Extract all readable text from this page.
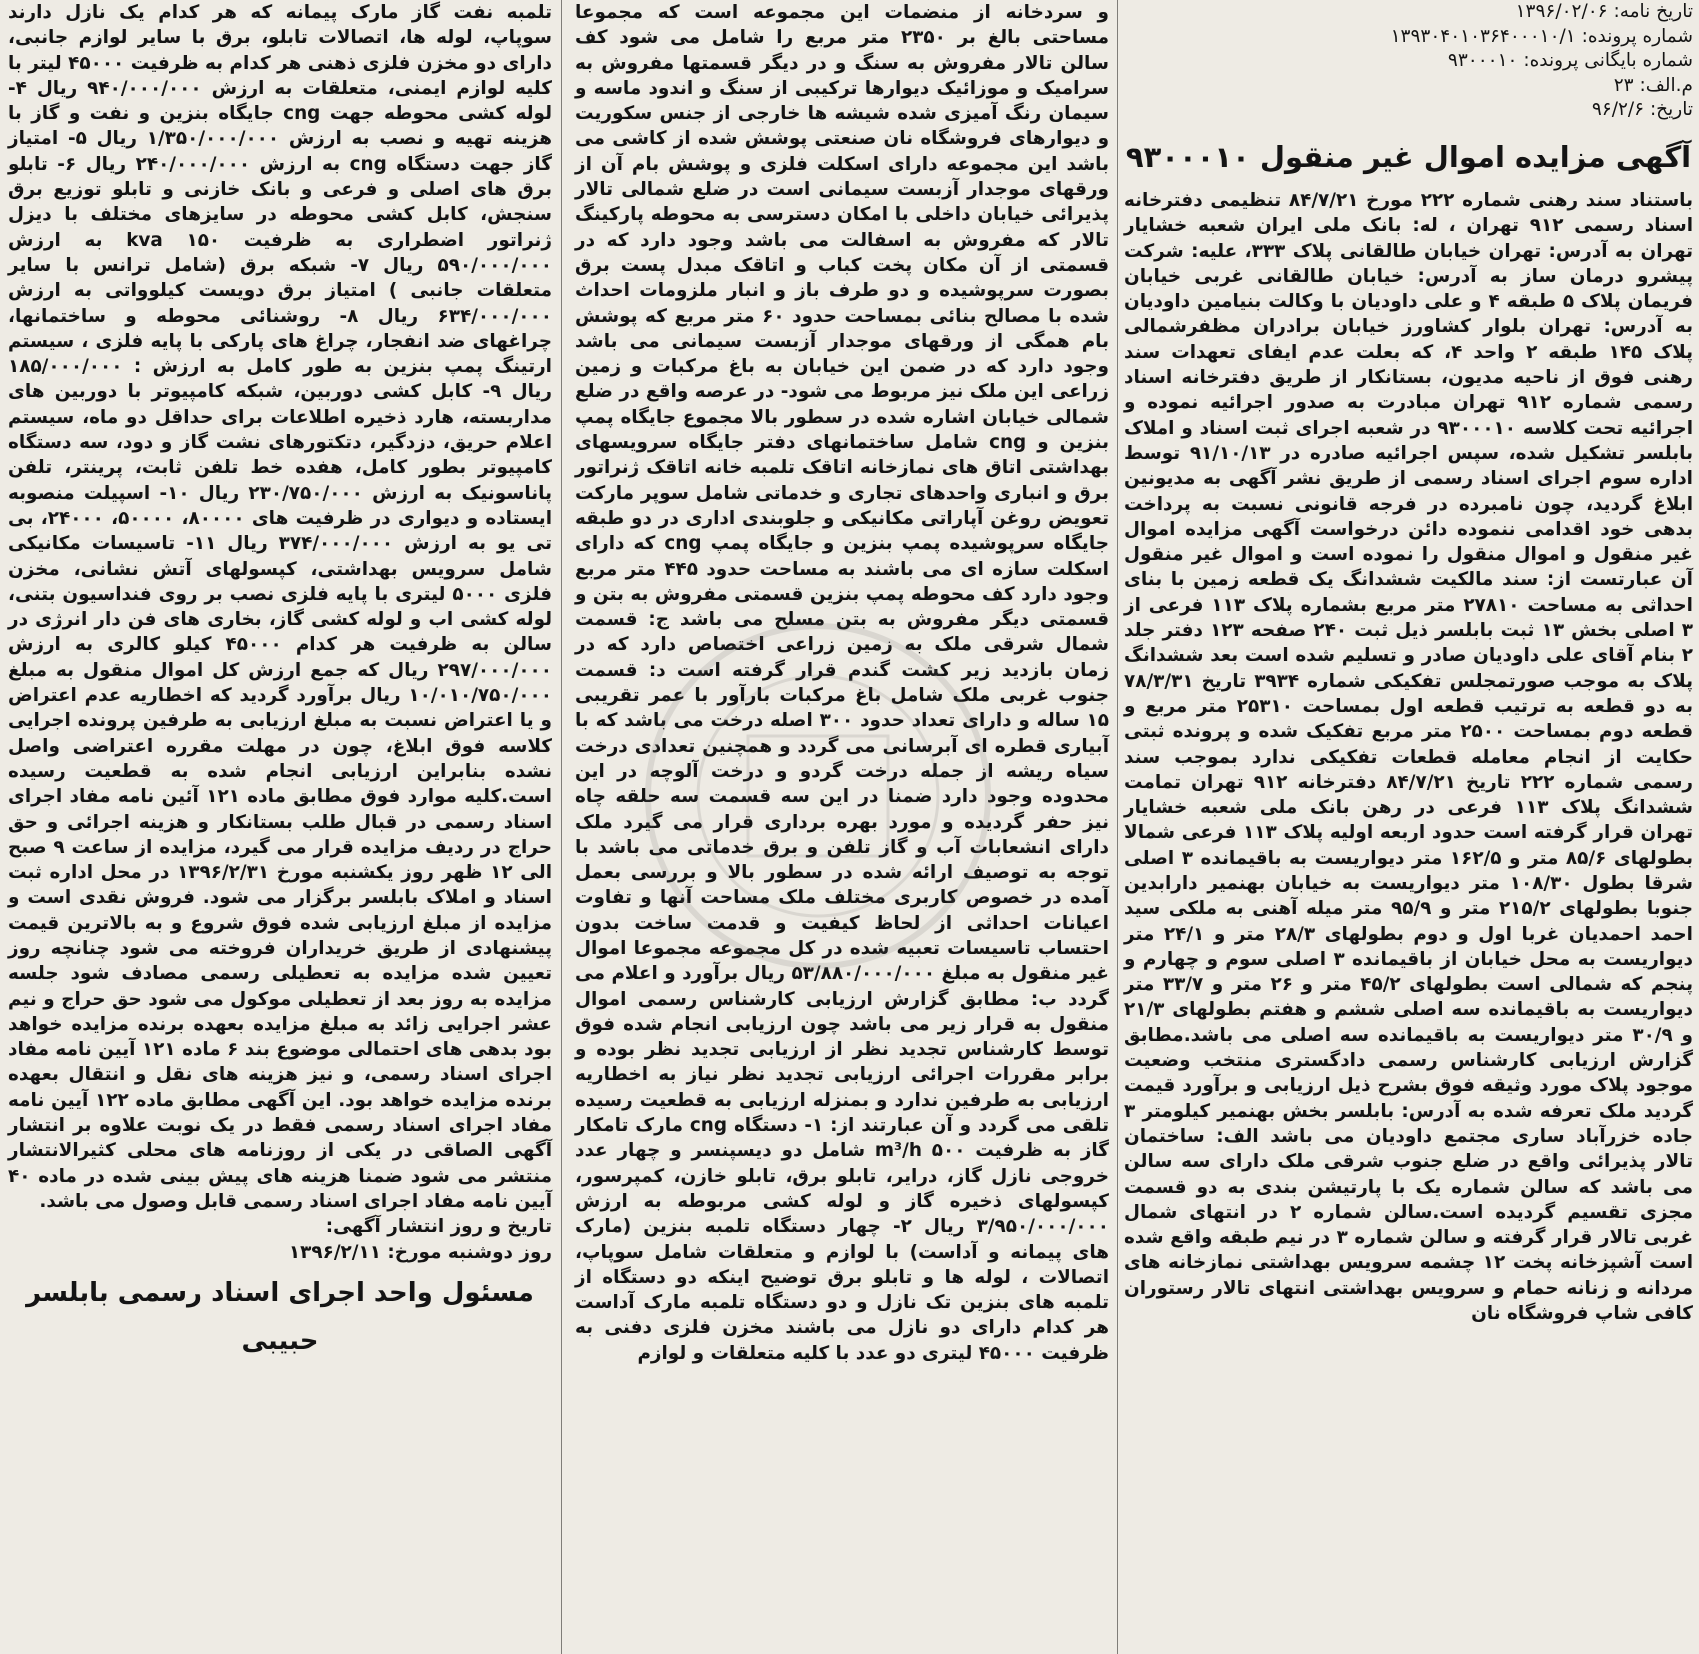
تاریخ نامه: ۱۳۹۶/۰۲/۰۶
شماره پرونده: ۱۳۹۳۰۴۰۱۰۳۶۴۰۰۰۱۰/۱
شماره بایگانی پرونده: ۹۳۰۰۰۱۰
م.الف: ۲۳
تاریخ: ۹۶/۲/۶
آگهی مزایده اموال غیر منقول ۹۳۰۰۰۱۰
باستناد سند رهنی شماره ۲۲۲ مورخ ۸۴/۷/۲۱ تنظیمی دفترخانه اسناد رسمی ۹۱۲ تهران ، له: بانک ملی ایران شعبه خشایار تهران به آدرس: تهران خیابان طالقانی پلاک ۳۳۳، علیه: شرکت پیشرو درمان ساز به آدرس: خیابان طالقانی غربی خیابان فریمان پلاک ۵ طبقه ۴ و علی داودیان با وکالت بنیامین داودیان به آدرس: تهران بلوار کشاورز خیابان برادران مظفرشمالی پلاک ۱۴۵ طبقه ۲ واحد ۴، که بعلت عدم ایفای تعهدات سند رهنی فوق از ناحیه مدیون، بستانکار از طریق دفترخانه اسناد رسمی شماره ۹۱۲ تهران مبادرت به صدور اجرائیه نموده و اجرائیه تحت کلاسه ۹۳۰۰۰۱۰ در شعبه اجرای ثبت اسناد و املاک بابلسر تشکیل شده، سپس اجرائیه صادره در ۹۱/۱۰/۱۳ توسط اداره سوم اجرای اسناد رسمی از طریق نشر آگهی به مدیونین ابلاغ گردید، چون نامبرده در فرجه قانونی نسبت به پرداخت بدهی خود اقدامی ننموده دائن درخواست آگهی مزایده اموال غیر منقول و اموال منقول را نموده است و اموال غیر منقول آن عبارتست از: سند مالکیت ششدانگ یک قطعه زمین با بنای احداثی به مساحت ۲۷۸۱۰ متر مربع بشماره پلاک ۱۱۳ فرعی از ۳ اصلی بخش ۱۳ ثبت بابلسر ذیل ثبت ۲۴۰ صفحه ۱۲۳ دفتر جلد ۲ بنام آقای علی داودیان صادر و تسلیم شده است بعد ششدانگ پلاک به موجب صورتمجلس تفکیکی شماره ۳۹۳۴ تاریخ ۷۸/۳/۳۱ به دو قطعه به ترتیب قطعه اول بمساحت ۲۵۳۱۰ متر مربع و قطعه دوم بمساحت ۲۵۰۰ متر مربع تفکیک شده و پرونده ثبتی حکایت از انجام معامله قطعات تفکیکی ندارد بموجب سند رسمی شماره ۲۲۲ تاریخ ۸۴/۷/۲۱ دفترخانه ۹۱۲ تهران تمامت ششدانگ پلاک ۱۱۳ فرعی در رهن بانک ملی شعبه خشایار تهران قرار گرفته است حدود اربعه اولیه پلاک ۱۱۳ فرعی شمالا بطولهای ۸۵/۶ متر و ۱۶۲/۵ متر دیواریست به باقیمانده ۳ اصلی شرقا بطول ۱۰۸/۳۰ متر دیواریست به خیابان بهنمیر دارابدین جنوبا بطولهای ۲۱۵/۲ متر و ۹۵/۹ متر میله آهنی به ملکی سید احمد احمدیان غربا اول و دوم بطولهای ۲۸/۳ متر و ۲۴/۱ متر دیواریست به محل خیابان از باقیمانده ۳ اصلی سوم و چهارم و پنجم که شمالی است بطولهای ۴۵/۲ متر و ۲۶ متر و ۳۳/۷ متر دیواریست به باقیمانده سه اصلی ششم و هفتم بطولهای ۲۱/۳ و ۳۰/۹ متر دیواریست به باقیمانده سه اصلی می باشد.مطابق گزارش ارزیابی کارشناس رسمی دادگستری منتخب وضعیت موجود پلاک مورد وثیقه فوق بشرح ذیل ارزیابی و برآورد قیمت گردید ملک تعرفه شده به آدرس: بابلسر بخش بهنمیر کیلومتر ۳ جاده خزرآباد ساری مجتمع داودیان می باشد الف: ساختمان تالار پذیرائی واقع در ضلع جنوب شرقی ملک دارای سه سالن می باشد که سالن شماره یک با پارتیشن بندی به دو قسمت مجزی تقسیم گردیده است.سالن شماره ۲ در انتهای شمال غربی تالار قرار گرفته و سالن شماره ۳ در نیم طبقه واقع شده است آشپزخانه پخت ۱۲ چشمه سرویس بهداشتی نمازخانه های مردانه و زنانه حمام و سرویس بهداشتی انتهای تالار رستوران کافی شاپ فروشگاه نان
و سردخانه از منضمات این مجموعه است که مجموعا مساحتی بالغ بر ۲۳۵۰ متر مربع را شامل می شود کف سالن تالار مفروش به سنگ و در دیگر قسمتها مفروش به سرامیک و موزائیک دیوارها ترکیبی از سنگ و اندود ماسه و سیمان رنگ آمیزی شده شیشه ها خارجی از جنس سکوریت و دیوارهای فروشگاه نان صنعتی پوشش شده از کاشی می باشد این مجموعه دارای اسکلت فلزی و پوشش بام آن از ورقهای موجدار آزبست سیمانی است در ضلع شمالی تالار پذیرائی خیابان داخلی با امکان دسترسی به محوطه پارکینگ تالار که مفروش به اسفالت می باشد وجود دارد که در قسمتی از آن مکان پخت کباب و اتاقک مبدل پست برق بصورت سرپوشیده و دو طرف باز و انبار ملزومات احداث شده با مصالح بنائی بمساحت حدود ۶۰ متر مربع که پوشش بام همگی از ورقهای موجدار آزبست سیمانی می باشد وجود دارد که در ضمن این خیابان به باغ مرکبات و زمین زراعی این ملک نیز مربوط می شود- در عرصه واقع در ضلع شمالی خیابان اشاره شده در سطور بالا مجموع جایگاه پمپ بنزین و cng شامل ساختمانهای دفتر جایگاه سرویسهای بهداشتی اتاق های نمازخانه اتاقک تلمبه خانه اتاقک ژنراتور برق و انباری واحدهای تجاری و خدماتی شامل سوپر مارکت تعویض روغن آپاراتی مکانیکی و جلوبندی اداری در دو طبقه جایگاه سرپوشیده پمپ بنزین و جایگاه پمپ cng که دارای اسکلت سازه ای می باشند به مساحت حدود ۴۴۵ متر مربع وجود دارد کف محوطه پمپ بنزین قسمتی مفروش به بتن و قسمتی دیگر مفروش به بتن مسلح می باشد ج: قسمت شمال شرقی ملک به زمین زراعی اختصاص دارد که در زمان بازدید زیر کشت گندم قرار گرفته است د: قسمت جنوب غربی ملک شامل باغ مرکبات بارآور با عمر تقریبی ۱۵ ساله و دارای تعداد حدود ۳۰۰ اصله درخت می باشد که با آبیاری قطره ای آبرسانی می گردد و همچنین تعدادی درخت سیاه ریشه از جمله درخت گردو و درخت آلوچه در این محدوده وجود دارد ضمنا در این سه قسمت سه حلقه چاه نیز حفر گردیده و مورد بهره برداری قرار می گیرد ملک دارای انشعابات آب و گاز تلفن و برق خدماتی می باشد با توجه به توصیف ارائه شده در سطور بالا و بررسی بعمل آمده در خصوص کاربری مختلف ملک مساحت آنها و تفاوت اعیانات احداثی از لحاظ کیفیت و قدمت ساخت بدون احتساب تاسیسات تعبیه شده در کل مجموعه مجموعا اموال غیر منقول به مبلغ ۵۳/۸۸۰/۰۰۰/۰۰۰ ریال برآورد و اعلام می گردد ب: مطابق گزارش ارزیابی کارشناس رسمی اموال منقول به قرار زیر می باشد چون ارزیابی انجام شده فوق توسط کارشناس تجدید نظر از ارزیابی تجدید نظر بوده و برابر مقررات اجرائی ارزیابی تجدید نظر نیاز به اخطاریه ارزیابی به طرفین ندارد و بمنزله ارزیابی به قطعیت رسیده تلقی می گردد و آن عبارتند از: ۱- دستگاه cng مارک تامکار گاز به ظرفیت ۵۰۰ m³/h شامل دو دیسپنسر و چهار عدد خروجی نازل گاز، درایر، تابلو برق، تابلو خازن، کمپرسور، کپسولهای ذخیره گاز و لوله کشی مربوطه به ارزش ۳/۹۵۰/۰۰۰/۰۰۰ ریال ۲- چهار دستگاه تلمبه بنزین (مارک های پیمانه و آداست) با لوازم و متعلقات شامل سوپاپ، اتصالات ، لوله ها و تابلو برق توضیح اینکه دو دستگاه از تلمبه های بنزین تک نازل و دو دستگاه تلمبه مارک آداست هر کدام دارای دو نازل می باشند مخزن فلزی دفنی به ظرفیت ۴۵۰۰۰ لیتری دو عدد با کلیه متعلقات و لوازم
تلمبه نفت گاز مارک پیمانه که هر کدام یک نازل دارند سوپاپ، لوله ها، اتصالات تابلو، برق با سایر لوازم جانبی، دارای دو مخزن فلزی ذهنی هر کدام به ظرفیت ۴۵۰۰۰ لیتر با کلیه لوازم ایمنی، متعلقات به ارزش ۹۴۰/۰۰۰/۰۰۰ ریال ۴- لوله کشی محوطه جهت cng جایگاه بنزین و نفت و گاز با هزینه تهیه و نصب به ارزش ۱/۳۵۰/۰۰۰/۰۰۰ ریال ۵- امتیاز گاز جهت دستگاه cng به ارزش ۲۴۰/۰۰۰/۰۰۰ ریال ۶- تابلو برق های اصلی و فرعی و بانک خازنی و تابلو توزیع برق سنجش، کابل کشی محوطه در سایزهای مختلف با دیزل ژنراتور اضطراری به ظرفیت ۱۵۰ kva به ارزش ۵۹۰/۰۰۰/۰۰۰ ریال ۷- شبکه برق (شامل ترانس با سایر متعلقات جانبی ) امتیاز برق دویست کیلوواتی به ارزش ۶۳۴/۰۰۰/۰۰۰ ریال ۸- روشنائی محوطه و ساختمانها، چراغهای ضد انفجار، چراغ های پارکی با پایه فلزی ، سیستم ارتینگ پمپ بنزین به طور کامل به ارزش : ۱۸۵/۰۰۰/۰۰۰ ریال ۹- کابل کشی دوربین، شبکه کامپیوتر با دوربین های مداربسته، هارد ذخیره اطلاعات برای حداقل دو ماه، سیستم اعلام حریق، دزدگیر، دتکتورهای نشت گاز و دود، سه دستگاه کامپیوتر بطور کامل، هفده خط تلفن ثابت، پرینتر، تلفن پاناسونیک به ارزش ۲۳۰/۷۵۰/۰۰۰ ریال ۱۰- اسپیلت منصوبه ایستاده و دیواری در ظرفیت های ۸۰۰۰۰، ۵۰۰۰۰، ۲۴۰۰۰، بی تی یو به ارزش ۳۷۴/۰۰۰/۰۰۰ ریال ۱۱- تاسیسات مکانیکی شامل سرویس بهداشتی، کپسولهای آتش نشانی، مخزن فلزی ۵۰۰۰ لیتری با پایه فلزی نصب بر روی فنداسیون بتنی، لوله کشی اب و لوله کشی گاز، بخاری های فن دار انرژی در سالن به ظرفیت هر کدام ۴۵۰۰۰ کیلو کالری به ارزش ۲۹۷/۰۰۰/۰۰۰ ریال که جمع ارزش کل اموال منقول به مبلغ ۱۰/۰۱۰/۷۵۰/۰۰۰ ریال برآورد گردید که اخطاریه عدم اعتراض و یا اعتراض نسبت به مبلغ ارزیابی به طرفین پرونده اجرایی کلاسه فوق ابلاغ، چون در مهلت مقرره اعتراضی واصل نشده بنابراین ارزیابی انجام شده به قطعیت رسیده است.کلیه موارد فوق مطابق ماده ۱۲۱ آئین نامه مفاد اجرای اسناد رسمی در قبال طلب بستانکار و هزینه اجرائی و حق حراج در ردیف مزایده قرار می گیرد، مزایده از ساعت ۹ صبح الی ۱۲ ظهر روز یکشنبه مورخ ۱۳۹۶/۲/۳۱ در محل اداره ثبت اسناد و املاک بابلسر برگزار می شود. فروش نقدی است و مزایده از مبلغ ارزیابی شده فوق شروع و به بالاترین قیمت پیشنهادی از طریق خریداران فروخته می شود چنانچه روز تعیین شده مزایده به تعطیلی رسمی مصادف شود جلسه مزایده به روز بعد از تعطیلی موکول می شود حق حراج و نیم عشر اجرایی زائد به مبلغ مزایده بعهده برنده مزایده خواهد بود بدهی های احتمالی موضوع بند ۶ ماده ۱۲۱ آیین نامه مفاد اجرای اسناد رسمی، و نیز هزینه های نقل و انتقال بعهده برنده مزایده خواهد بود. این آگهی مطابق ماده ۱۲۲ آیین نامه مفاد اجرای اسناد رسمی فقط در یک نوبت علاوه بر انتشار آگهی الصاقی در یکی از روزنامه های محلی کثیرالانتشار منتشر می شود ضمنا هزینه های پیش بینی شده در ماده ۴۰ آیین نامه مفاد اجرای اسناد رسمی قابل وصول می باشد.
تاریخ و روز انتشار آگهی:
روز دوشنبه مورخ: ۱۳۹۶/۲/۱۱
مسئول واحد اجرای اسناد رسمی بابلسر
حبیبی
